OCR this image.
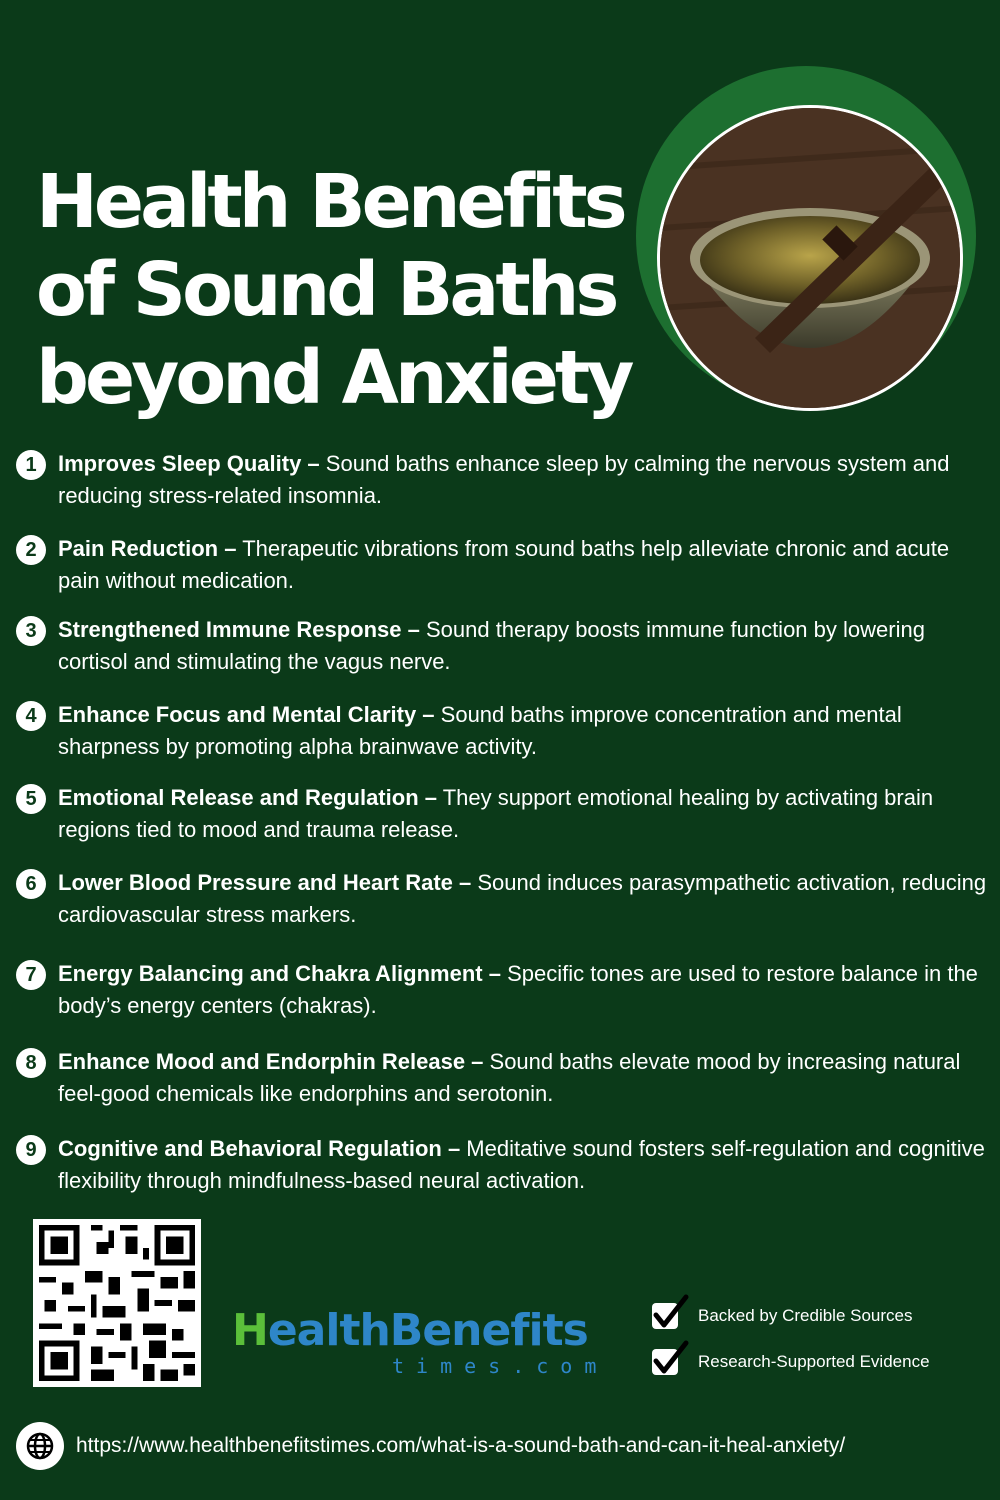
Health Benefits
of Sound Baths
beyond Anxiety
1 Improves Sleep Quality – Sound baths enhance sleep by calming the nervous system and reducing stress-related insomnia.
2 Pain Reduction – Therapeutic vibrations from sound baths help alleviate chronic and acute pain without medication.
3 Strengthened Immune Response – Sound therapy boosts immune function by lowering cortisol and stimulating the vagus nerve.
4 Enhance Focus and Mental Clarity – Sound baths improve concentration and mental sharpness by promoting alpha brainwave activity.
5 Emotional Release and Regulation – They support emotional healing by activating brain regions tied to mood and trauma release.
6 Lower Blood Pressure and Heart Rate – Sound induces parasympathetic activation, reducing cardiovascular stress markers.
7 Energy Balancing and Chakra Alignment – Specific tones are used to restore balance in the body’s energy centers (chakras).
8 Enhance Mood and Endorphin Release – Sound baths elevate mood by increasing natural feel-good chemicals like endorphins and serotonin.
9 Cognitive and Behavioral Regulation – Meditative sound fosters self-regulation and cognitive flexibility through mindfulness-based neural activation.
HealthBenefits
times.com
Backed by Credible Sources
Research-Supported Evidence
https://www.healthbenefitstimes.com/what-is-a-sound-bath-and-can-it-heal-anxiety/
